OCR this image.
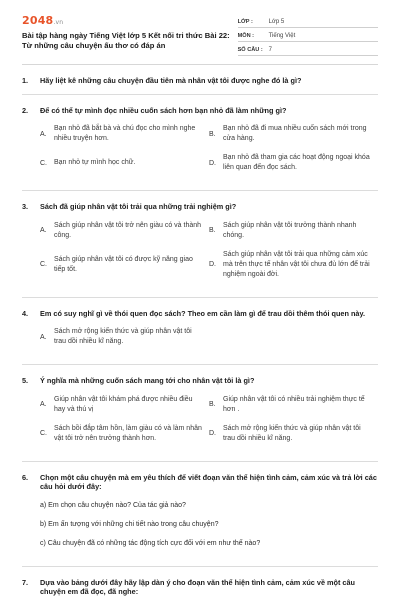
2048.vn
Bài tập hàng ngày Tiếng Việt lớp 5 Kết nối tri thức Bài 22: Từ những câu chuyện ấu thơ có đáp án
LỚP :	Lớp 5
MÔN :	Tiếng Việt
SỐ CÂU : 7
1.	Hãy liệt kê những câu chuyện đầu tiên mà nhân vật tôi được nghe đó là gì?
2.	Để có thể tự mình đọc nhiều cuốn sách hơn bạn nhỏ đã làm những gì?
A.
Bạn nhỏ đã bắt bà và chú đọc cho mình nghe nhiều truyện hơn.
B.
Bạn nhỏ đã đi mua nhiều cuốn sách mới trong cửa hàng.
C.	Bạn nhỏ tự mình học chữ.	D.
Bạn nhỏ đã tham gia các hoạt động ngoại khóa liên quan đến đọc sách.
3.	Sách đã giúp nhân vật tôi trải qua những trải nghiệm gì?
A.
Sách giúp nhân vật tôi trở nên giàu có và thành công.
B.
Sách giúp nhân vật tôi trưởng thành nhanh chóng.
C.
Sách giúp nhân vật tôi có được kỹ năng giao tiếp tốt.
D.
Sách giúp nhân vật tôi trải qua những cảm xúc mà trên thực tế nhân vật tôi chưa đủ lớn để trải nghiệm ngoài đời.
4.	Em có suy nghĩ gì về thói quen đọc sách? Theo em cần làm gì để trau dồi thêm thói quen này.
A.
Sách mở rộng kiến thức và giúp nhân vật tôi trau dồi nhiều kĩ năng.
5.	Ý nghĩa mà những cuốn sách mang tới cho nhân vật tôi là gì?
A.
Giúp nhân vật tôi khám phá được nhiều điều hay và thú vị
B.
Giúp nhân vật tôi có nhiều trải nghiệm thực tế hơn .
C.
Sách bồi đắp tâm hồn, làm giàu có và làm nhân vật tôi trở nên trưởng thành hơn.
D.
Sách mở rộng kiến thức và giúp nhân vật tôi trau dồi nhiều kĩ năng.
6.	Chọn một câu chuyện mà em yêu thích để viết đoạn văn thể hiện tình cảm, cảm xúc và trả lời các câu hỏi dưới đây:
a) Em chọn câu chuyện nào? Của tác giả nào?
b) Em ấn tượng với những chi tiết nào trong câu chuyện?
c) Câu chuyện đã có những tác động tích cực đối với em như thế nào?
7.	Dựa vào bảng dưới đây hãy lập dàn ý cho đoạn văn thể hiện tình cảm, cảm xúc về một câu chuyện em đã đọc, đã nghe:
